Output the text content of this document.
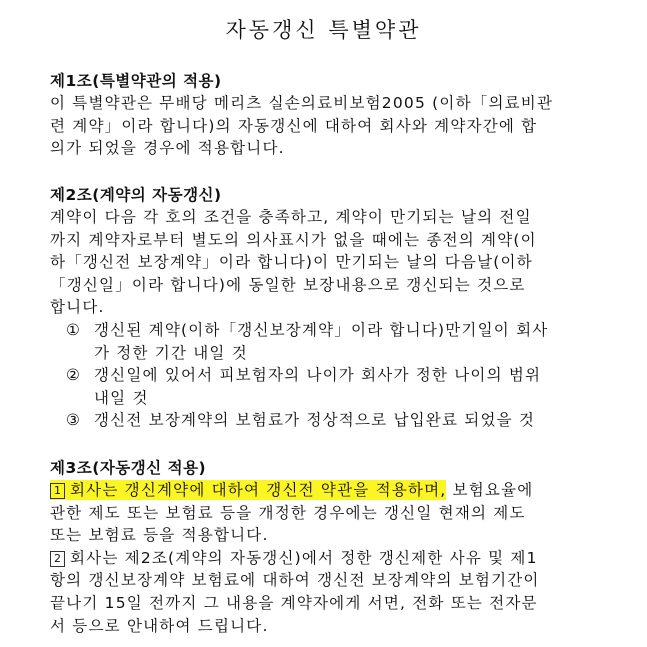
자동갱신 특별약관
제1조(특별약관의 적용)
이 특별약관은 무배당 메리츠 실손의료비보험2005 (이하「의료비관
련 계약」이라 합니다)의 자동갱신에 대하여 회사와 계약자간에 합
의가 되었을 경우에 적용합니다.
제2조(계약의 자동갱신)
계약이 다음 각 호의 조건을 충족하고, 계약이 만기되는 날의 전일
까지 계약자로부터 별도의 의사표시가 없을 때에는 종전의 계약(이
하「갱신전 보장계약」이라 합니다)이 만기되는 날의 다음날(이하
「갱신일」이라 합니다)에 동일한 보장내용으로 갱신되는 것으로
합니다.
① 갱신된 계약(이하「갱신보장계약」이라 합니다)만기일이 회사
가 정한 기간 내일 것
② 갱신일에 있어서 피보험자의 나이가 회사가 정한 나이의 범위
내일 것
③ 갱신전 보장계약의 보험료가 정상적으로 납입완료 되었을 것
제3조(자동갱신 적용)
1 회사는 갱신계약에 대하여 갱신전 약관을 적용하며, 보험요율에
관한 제도 또는 보험료 등을 개정한 경우에는 갱신일 현재의 제도
또는 보험료 등을 적용합니다.
2 회사는 제2조(계약의 자동갱신)에서 정한 갱신제한 사유 및 제1
항의 갱신보장계약 보험료에 대하여 갱신전 보장계약의 보험기간이
끝나기 15일 전까지 그 내용을 계약자에게 서면, 전화 또는 전자문
서 등으로 안내하여 드립니다.
